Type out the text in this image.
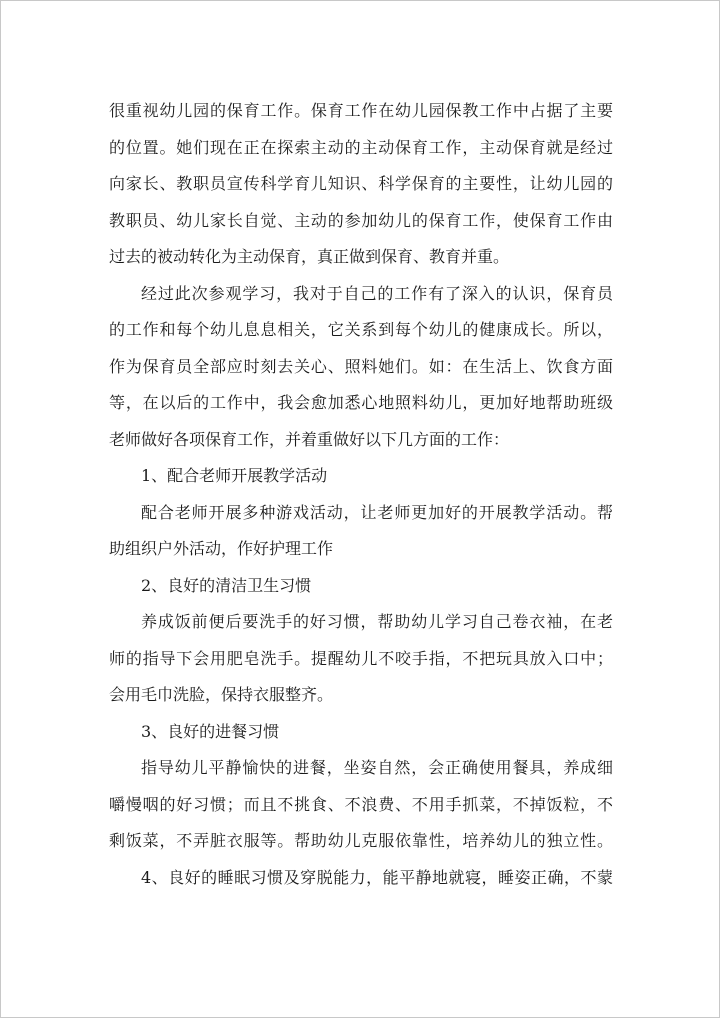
很重视幼儿园的保育工作。保育工作在幼儿园保教工作中占据了主要
的位置。她们现在正在探索主动的主动保育工作，主动保育就是经过
向家长、教职员宣传科学育儿知识、科学保育的主要性，让幼儿园的
教职员、幼儿家长自觉、主动的参加幼儿的保育工作，使保育工作由
过去的被动转化为主动保育，真正做到保育、教育并重。
经过此次参观学习，我对于自己的工作有了深入的认识，保育员
的工作和每个幼儿息息相关，它关系到每个幼儿的健康成长。所以，
作为保育员全部应时刻去关心、照料她们。如：在生活上、饮食方面
等，在以后的工作中，我会愈加悉心地照料幼儿，更加好地帮助班级
老师做好各项保育工作，并着重做好以下几方面的工作：
1、配合老师开展教学活动
配合老师开展多种游戏活动，让老师更加好的开展教学活动。帮
助组织户外活动，作好护理工作
2、良好的清洁卫生习惯
养成饭前便后要洗手的好习惯，帮助幼儿学习自己卷衣袖，在老
师的指导下会用肥皂洗手。提醒幼儿不咬手指，不把玩具放入口中；
会用毛巾洗脸，保持衣服整齐。
3、良好的进餐习惯
指导幼儿平静愉快的进餐，坐姿自然，会正确使用餐具，养成细
嚼慢咽的好习惯；而且不挑食、不浪费、不用手抓菜，不掉饭粒，不
剩饭菜，不弄脏衣服等。帮助幼儿克服依靠性，培养幼儿的独立性。
4、良好的睡眠习惯及穿脱能力，能平静地就寝，睡姿正确，不蒙
